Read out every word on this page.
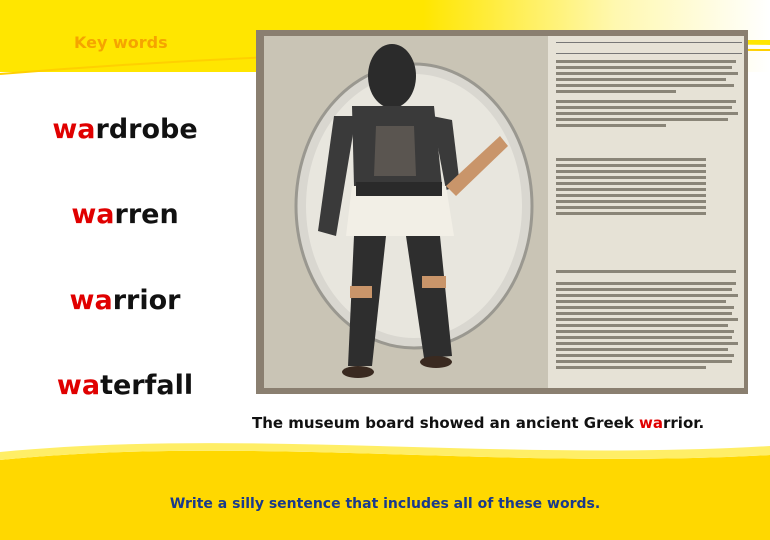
Key words
wardrobe
warren
warrior
waterfall
The museum board showed an ancient Greek warrior.
Write a silly sentence that includes all of these words.
